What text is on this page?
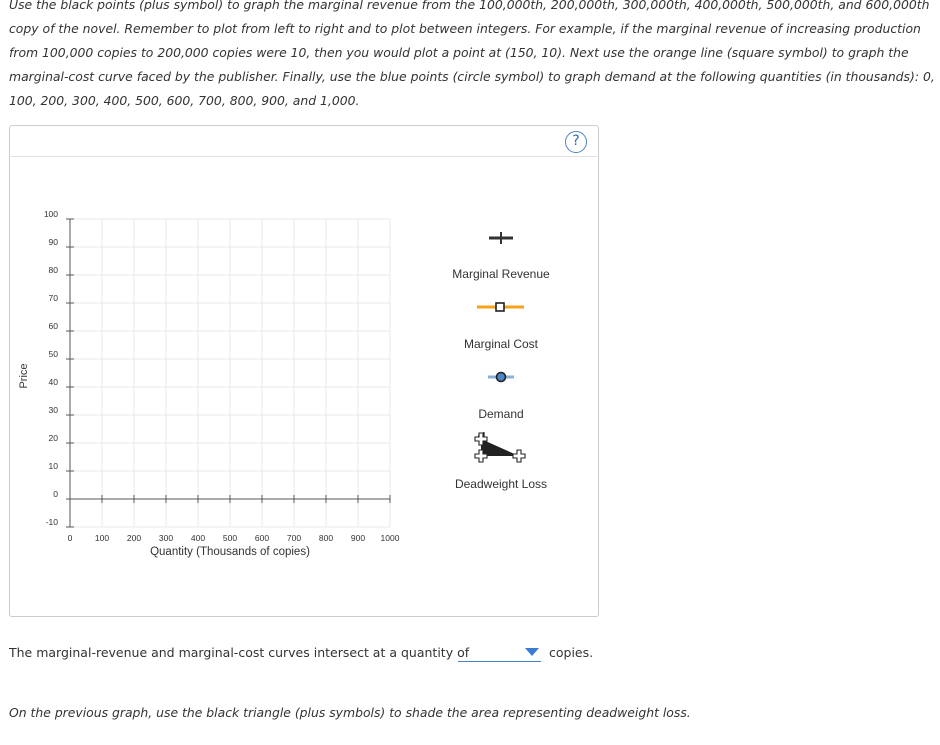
Use the black points (plus symbol) to graph the marginal revenue from the 100,000th, 200,000th, 300,000th, 400,000th, 500,000th, and 600,000th
copy of the novel. Remember to plot from left to right and to plot between integers. For example, if the marginal revenue of increasing production
from 100,000 copies to 200,000 copies were 10, then you would plot a point at (150, 10). Next use the orange line (square symbol) to graph the
marginal-cost curve faced by the publisher. Finally, use the blue points (circle symbol) to graph demand at the following quantities (in thousands): 0,
100, 200, 300, 400, 500, 600, 700, 800, 900, and 1,000.
?
100
90
80
70
60
50
40
30
20
10
0
-10
0	100 200 300 400 500 600 700 800 900 1000
Price
Quantity (Thousands of copies)
Marginal Revenue
Marginal Cost
Demand
Deadweight Loss
The marginal-revenue and marginal-cost curves intersect at a quantity of	copies.
On the previous graph, use the black triangle (plus symbols) to shade the area representing deadweight loss.
